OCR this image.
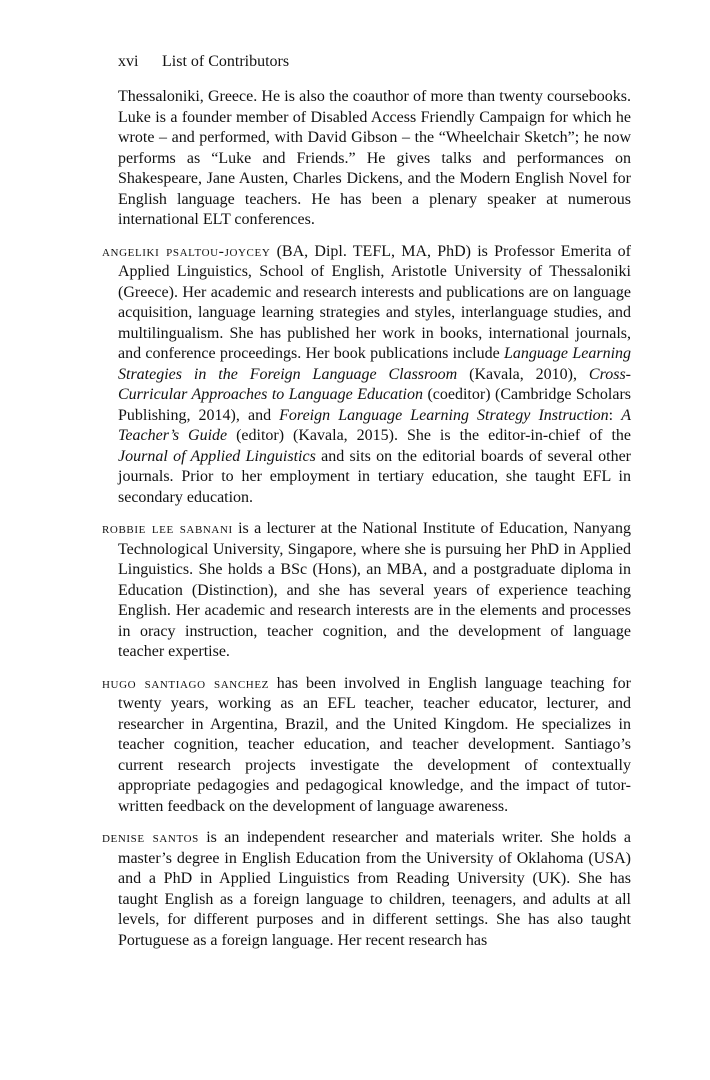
xvi List of Contributors

Thessaloniki, Greece. He is also the coauthor of more than twenty coursebooks. Luke is a founder member of Disabled Access Friendly Campaign for which he wrote – and performed, with David Gibson – the “Wheelchair Sketch”; he now performs as “Luke and Friends.” He gives talks and performances on Shakespeare, Jane Austen, Charles Dickens, and the Modern English Novel for English language teachers. He has been a plenary speaker at numerous international ELT conferences.

angeliki psaltou-joycey (BA, Dipl. TEFL, MA, PhD) is Professor Emerita of Applied Linguistics, School of English, Aristotle University of Thessaloniki (Greece). Her academic and research interests and publications are on language acquisition, language learning strategies and styles, interlanguage studies, and multilingualism. She has published her work in books, international journals, and conference proceedings. Her book publications include Language Learning Strategies in the Foreign Language Classroom (Kavala, 2010), Cross-Curricular Approaches to Language Education (coeditor) (Cambridge Scholars Publishing, 2014), and Foreign Language Learning Strategy Instruction: A Teacher’s Guide (editor) (Kavala, 2015). She is the editor-in-chief of the Journal of Applied Linguistics and sits on the editorial boards of several other journals. Prior to her employment in tertiary education, she taught EFL in secondary education.

robbie lee sabnani is a lecturer at the National Institute of Education, Nanyang Technological University, Singapore, where she is pursuing her PhD in Applied Linguistics. She holds a BSc (Hons), an MBA, and a postgraduate diploma in Education (Distinction), and she has several years of experience teaching English. Her academic and research interests are in the elements and processes in oracy instruction, teacher cognition, and the development of language teacher expertise.

hugo santiago sanchez has been involved in English language teaching for twenty years, working as an EFL teacher, teacher educator, lecturer, and researcher in Argentina, Brazil, and the United Kingdom. He specializes in teacher cognition, teacher education, and teacher development. Santiago’s current research projects investigate the development of contextually appropriate pedagogies and pedagogical knowledge, and the impact of tutor-written feedback on the development of language awareness.

denise santos is an independent researcher and materials writer. She holds a master’s degree in English Education from the University of Oklahoma (USA) and a PhD in Applied Linguistics from Reading University (UK). She has taught English as a foreign language to children, teenagers, and adults at all levels, for different purposes and in different settings. She has also taught Portuguese as a foreign language. Her recent research has
